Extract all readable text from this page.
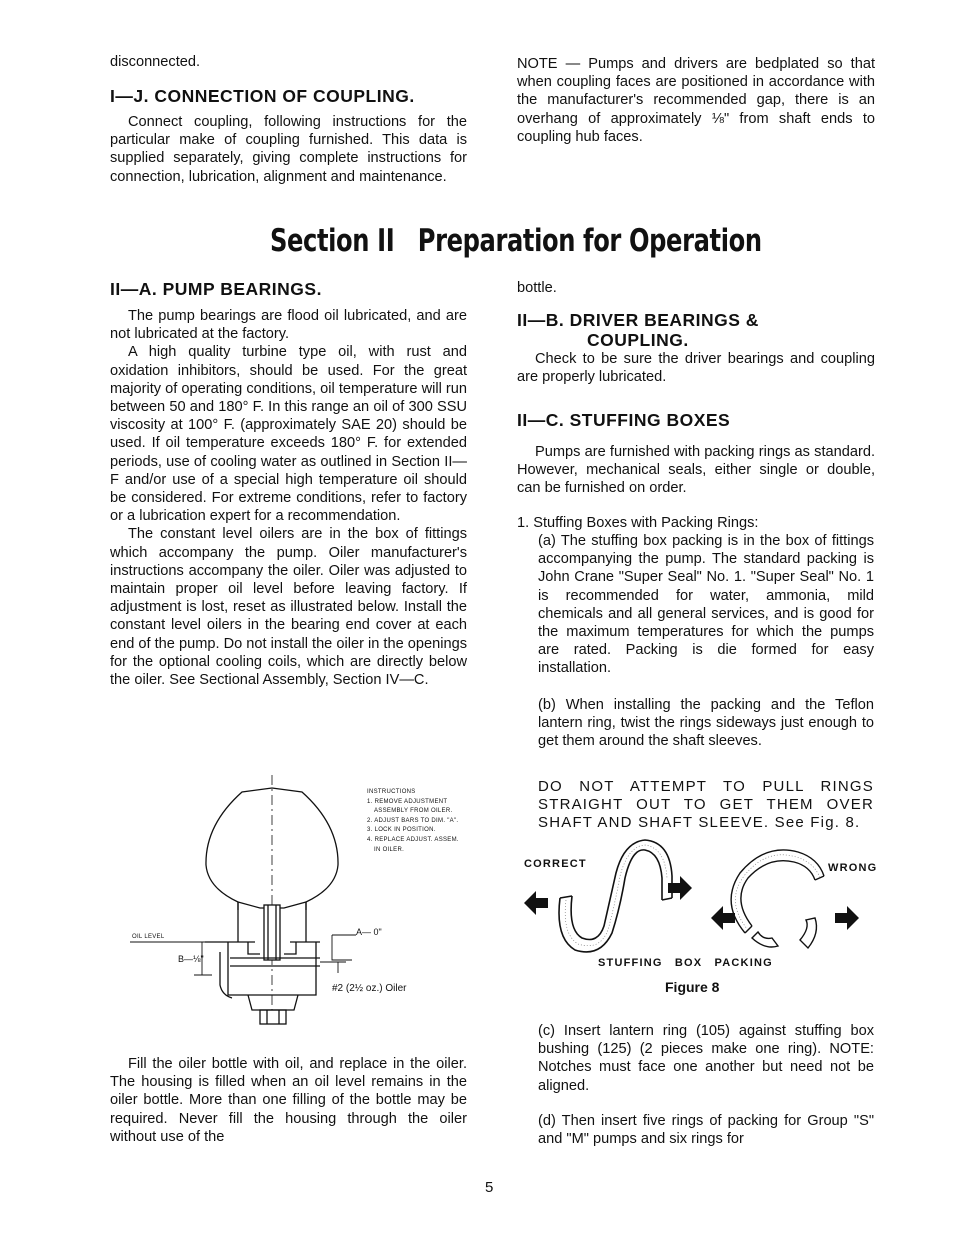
disconnected.
I—J. CONNECTION OF COUPLING.

Connect coupling, following instructions for the particular make of coupling furnished. This data is supplied separately, giving complete instructions for connection, lubrication, alignment and maintenance.

NOTE — Pumps and drivers are bedplated so that when coupling faces are positioned in accordance with the manufacturer's recommended gap, there is an overhang of approximately ⅛" from shaft ends to coupling hub faces.

Section II Preparation for Operation
II—A. PUMP BEARINGS.

The pump bearings are flood oil lubricated, and are not lubricated at the factory.

A high quality turbine type oil, with rust and oxidation inhibitors, should be used. For the great majority of operating conditions, oil temperature will run between 50 and 180° F. In this range an oil of 300 SSU viscosity at 100° F. (approximately SAE 20) should be used. If oil temperature exceeds 180° F. for extended periods, use of cooling water as outlined in Section II—F and/or use of a special high temperature oil should be considered. For extreme conditions, refer to factory or a lubrication expert for a recommendation.

The constant level oilers are in the box of fittings which accompany the pump. Oiler manufacturer's instructions accompany the oiler. Oiler was adjusted to maintain proper oil level before leaving factory. If adjustment is lost, reset as illustrated below. Install the constant level oilers in the bearing end cover at each end of the pump. Do not install the oiler in the openings for the optional cooling coils, which are directly below the oiler. See Sectional Assembly, Section IV—C.

INSTRUCTIONS
1. REMOVE ADJUSTMENT
ASSEMBLY FROM OILER.
2. ADJUST BARS TO DIM. "A".
3. LOCK IN POSITION.
4. REPLACE ADJUST. ASSEM.
IN OILER.
OIL LEVEL	A— 0"
B—⅛"
#2 (2½ oz.) Oiler

Fill the oiler bottle with oil, and replace in the oiler. The housing is filled when an oil level remains in the oiler bottle. More than one filling of the bottle may be required. Never fill the housing through the oiler without use of the

bottle.
II—B. DRIVER BEARINGS &
COUPLING.

Check to be sure the driver bearings and coupling are properly lubricated.

II—C. STUFFING BOXES

Pumps are furnished with packing rings as standard. However, mechanical seals, either single or double, can be furnished on order.

1. Stuffing Boxes with Packing Rings:

(a) The stuffing box packing is in the box of fittings accompanying the pump. The standard packing is John Crane "Super Seal" No. 1. "Super Seal" No. 1 is recommended for water, ammonia, mild chemicals and all general services, and is good for the maximum temperatures for which the pumps are rated. Packing is die formed for easy installation.

(b) When installing the packing and the Teflon lantern ring, twist the rings sideways just enough to get them around the shaft sleeves.

DO NOT ATTEMPT TO PULL RINGS STRAIGHT OUT TO GET THEM OVER SHAFT AND SHAFT SLEEVE. See Fig. 8.

CORRECT	WRONG
STUFFING BOX PACKING
Figure 8

(c) Insert lantern ring (105) against stuffing box bushing (125) (2 pieces make one ring). NOTE: Notches must face one another but need not be aligned.

(d) Then insert five rings of packing for Group "S" and "M" pumps and six rings for

5
